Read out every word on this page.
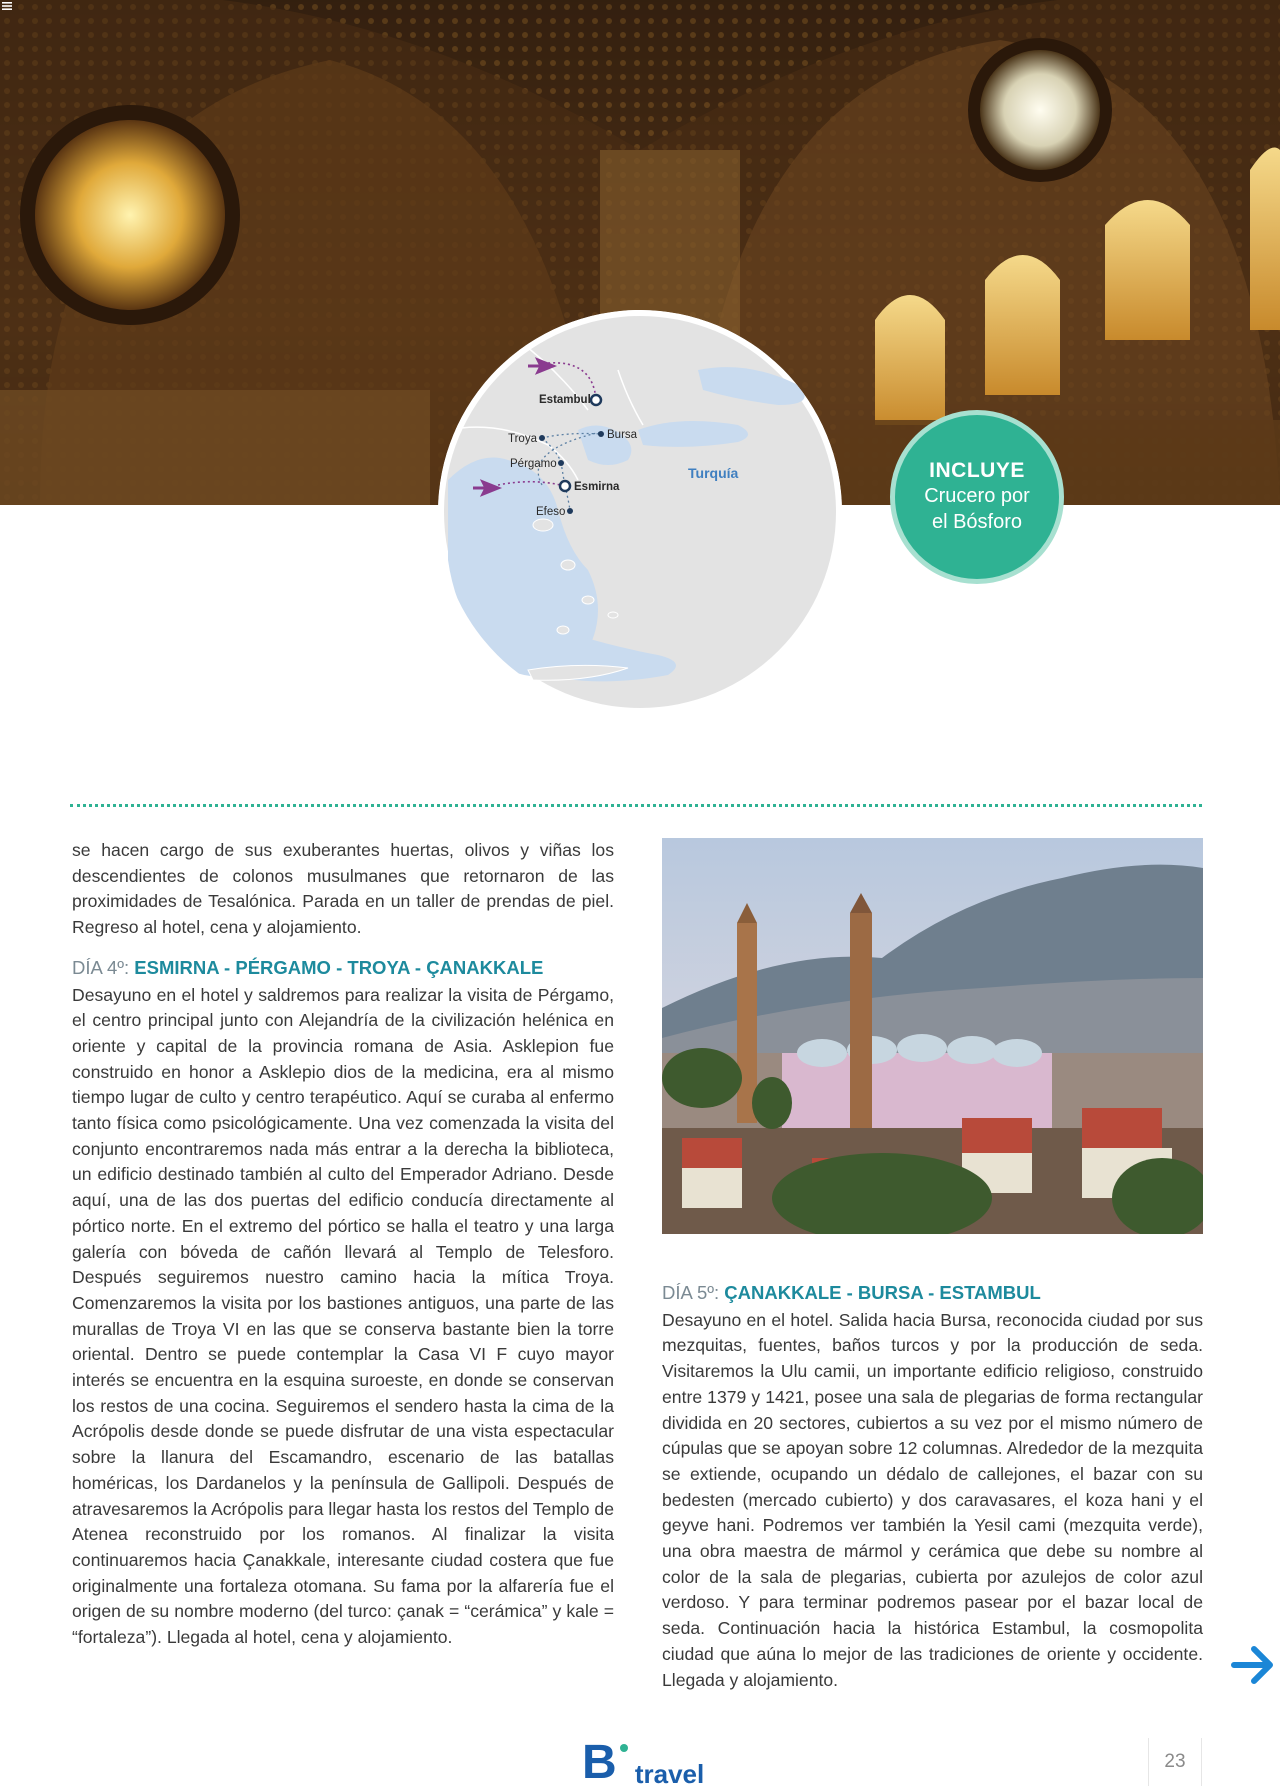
Estambul
Bursa
Troya
Pérgamo
Esmirna
Efeso
Turquía	INCLUYE
Crucero por
el Bósforo

se hacen cargo de sus exuberantes huertas, olivos y viñas los descendientes de colonos musulmanes que retornaron de las proximidades de Tesalónica. Parada en un taller de prendas de piel. Regreso al hotel, cena y alojamiento.

DÍA 4º: ESMIRNA - PÉRGAMO - TROYA - ÇANAKKALE

Desayuno en el hotel y saldremos para realizar la visita de Pérgamo, el centro principal junto con Alejandría de la civilización helénica en oriente y capital de la provincia romana de Asia. Asklepion fue construido en honor a Asklepio dios de la medicina, era al mismo tiempo lugar de culto y centro terapéutico. Aquí se curaba al enfermo tanto física como psicológicamente. Una vez comenzada la visita del conjunto encontraremos nada más entrar a la derecha la biblioteca, un edificio destinado también al culto del Emperador Adriano. Desde aquí, una de las dos puertas del edificio conducía directamente al pórtico norte. En el extremo del pórtico se halla el teatro y una larga galería con bóveda de cañón llevará al Templo de Telesforo. Después seguiremos nuestro camino hacia la mítica Troya. Comenzaremos la visita por los bastiones antiguos, una parte de las murallas de Troya VI en las que se conserva bastante bien la torre oriental. Dentro se puede contemplar la Casa VI F cuyo mayor interés se encuentra en la esquina suroeste, en donde se conservan los restos de una cocina. Seguiremos el sendero hasta la cima de la Acrópolis desde donde se puede disfrutar de una vista espectacular sobre la llanura del Escamandro, escenario de las batallas homéricas, los Dardanelos y la península de Gallipoli. Después de atravesaremos la Acrópolis para llegar hasta los restos del Templo de Atenea reconstruido por los romanos. Al finalizar la visita continuaremos hacia Çanakkale, interesante ciudad costera que fue originalmente una fortaleza otomana. Su fama por la alfarería fue el origen de su nombre moderno (del turco: çanak = “cerámica” y kale = “fortaleza”). Llegada al hotel, cena y alojamiento.

DÍA 5º: ÇANAKKALE - BURSA - ESTAMBUL

Desayuno en el hotel. Salida hacia Bursa, reconocida ciudad por sus mezquitas, fuentes, baños turcos y por la producción de seda. Visitaremos la Ulu camii, un importante edificio religioso, construido entre 1379 y 1421, posee una sala de plegarias de forma rectangular dividida en 20 sectores, cubiertos a su vez por el mismo número de cúpulas que se apoyan sobre 12 columnas. Alrededor de la mezquita se extiende, ocupando un dédalo de callejones, el bazar con su bedesten (mercado cubierto) y dos caravasares, el koza hani y el geyve hani. Podremos ver también la Yesil cami (mezquita verde), una obra maestra de mármol y cerámica que debe su nombre al color de la sala de plegarias, cubierta por azulejos de color azul verdoso. Y para terminar podremos pasear por el bazar local de seda. Continuación hacia la histórica Estambul, la cosmopolita ciudad que aúna lo mejor de las tradiciones de oriente y occidente. Llegada y alojamiento.

B travel	23
